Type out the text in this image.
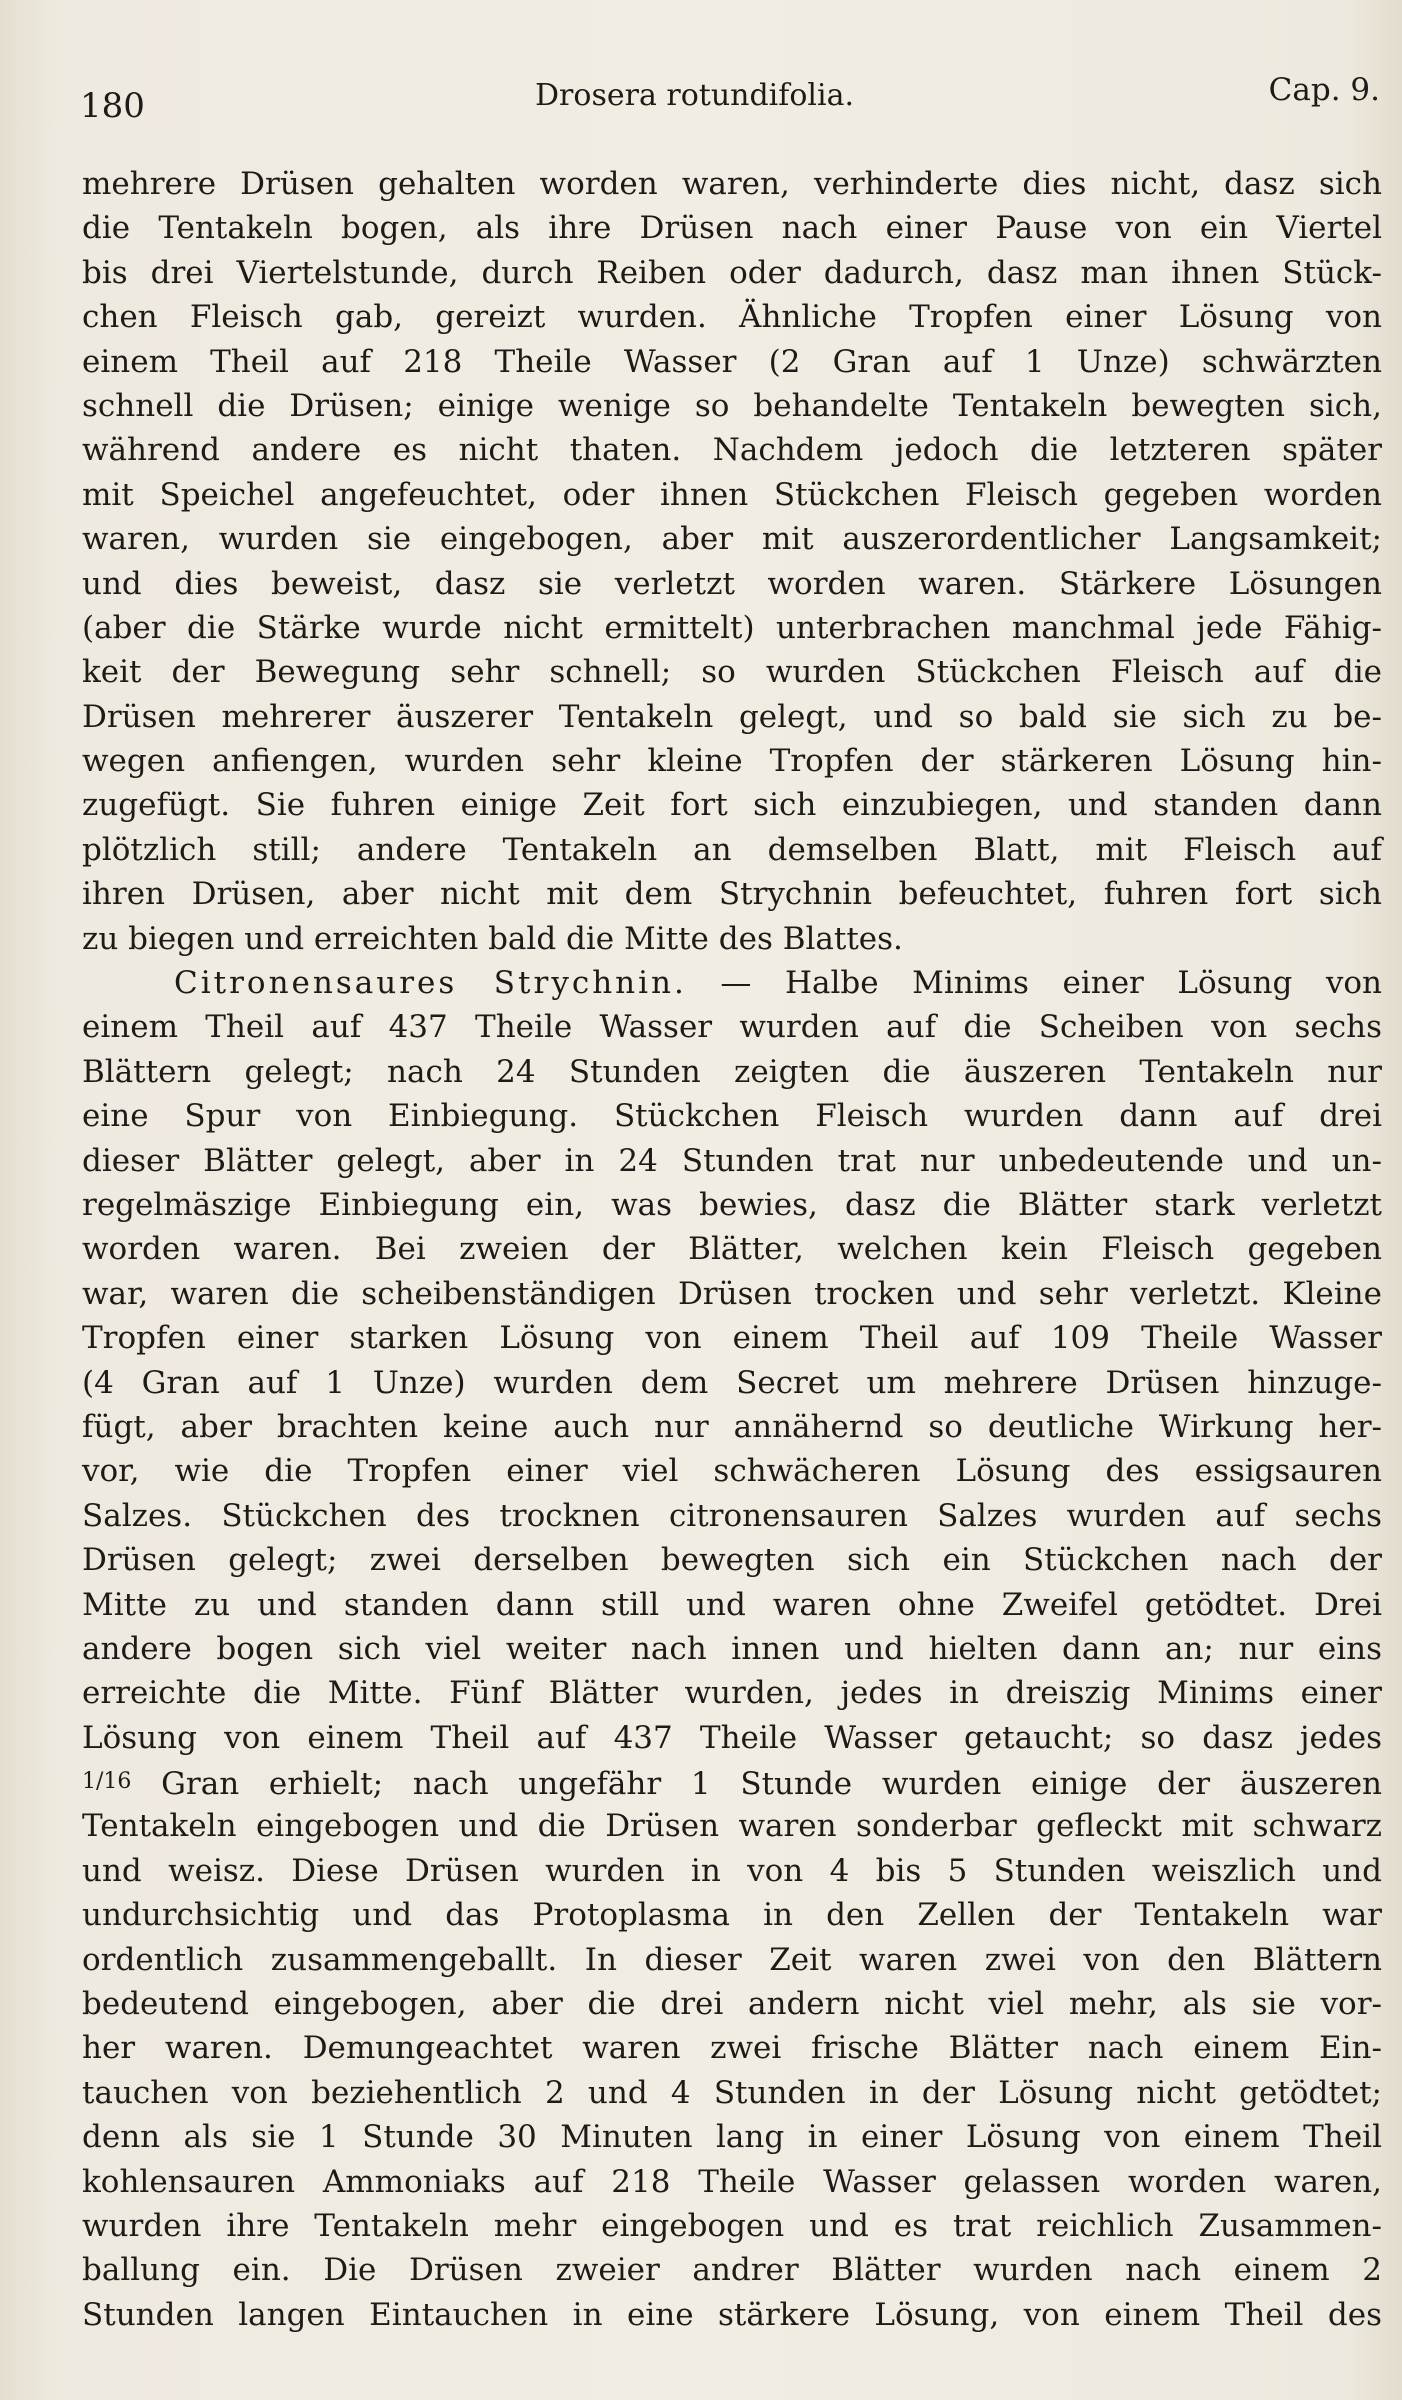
180	Drosera rotundifolia.	Cap. 9.
mehrere Drüsen gehalten worden waren, verhinderte dies nicht, dasz sich
die Tentakeln bogen, als ihre Drüsen nach einer Pause von ein Viertel
bis drei Viertelstunde, durch Reiben oder dadurch, dasz man ihnen Stück-
chen Fleisch gab, gereizt wurden. Ähnliche Tropfen einer Lösung von
einem Theil auf 218 Theile Wasser (2 Gran auf 1 Unze) schwärzten
schnell die Drüsen; einige wenige so behandelte Tentakeln bewegten sich,
während andere es nicht thaten. Nachdem jedoch die letzteren später
mit Speichel angefeuchtet, oder ihnen Stückchen Fleisch gegeben worden
waren, wurden sie eingebogen, aber mit auszerordentlicher Langsamkeit;
und dies beweist, dasz sie verletzt worden waren. Stärkere Lösungen
(aber die Stärke wurde nicht ermittelt) unterbrachen manchmal jede Fähig-
keit der Bewegung sehr schnell; so wurden Stückchen Fleisch auf die
Drüsen mehrerer äuszerer Tentakeln gelegt, und so bald sie sich zu be-
wegen anfiengen, wurden sehr kleine Tropfen der stärkeren Lösung hin-
zugefügt. Sie fuhren einige Zeit fort sich einzubiegen, und standen dann
plötzlich still; andere Tentakeln an demselben Blatt, mit Fleisch auf
ihren Drüsen, aber nicht mit dem Strychnin befeuchtet, fuhren fort sich
zu biegen und erreichten bald die Mitte des Blattes.
Citronensaures Strychnin. — Halbe Minims einer Lösung von
einem Theil auf 437 Theile Wasser wurden auf die Scheiben von sechs
Blättern gelegt; nach 24 Stunden zeigten die äuszeren Tentakeln nur
eine Spur von Einbiegung. Stückchen Fleisch wurden dann auf drei
dieser Blätter gelegt, aber in 24 Stunden trat nur unbedeutende und un-
regelmäszige Einbiegung ein, was bewies, dasz die Blätter stark verletzt
worden waren. Bei zweien der Blätter, welchen kein Fleisch gegeben
war, waren die scheibenständigen Drüsen trocken und sehr verletzt. Kleine
Tropfen einer starken Lösung von einem Theil auf 109 Theile Wasser
(4 Gran auf 1 Unze) wurden dem Secret um mehrere Drüsen hinzuge-
fügt, aber brachten keine auch nur annähernd so deutliche Wirkung her-
vor, wie die Tropfen einer viel schwächeren Lösung des essigsauren
Salzes. Stückchen des trocknen citronensauren Salzes wurden auf sechs
Drüsen gelegt; zwei derselben bewegten sich ein Stückchen nach der
Mitte zu und standen dann still und waren ohne Zweifel getödtet. Drei
andere bogen sich viel weiter nach innen und hielten dann an; nur eins
erreichte die Mitte. Fünf Blätter wurden, jedes in dreiszig Minims einer
Lösung von einem Theil auf 437 Theile Wasser getaucht; so dasz jedes
1/16 Gran erhielt; nach ungefähr 1 Stunde wurden einige der äuszeren
Tentakeln eingebogen und die Drüsen waren sonderbar gefleckt mit schwarz
und weisz. Diese Drüsen wurden in von 4 bis 5 Stunden weiszlich und
undurchsichtig und das Protoplasma in den Zellen der Tentakeln war
ordentlich zusammengeballt. In dieser Zeit waren zwei von den Blättern
bedeutend eingebogen, aber die drei andern nicht viel mehr, als sie vor-
her waren. Demungeachtet waren zwei frische Blätter nach einem Ein-
tauchen von beziehentlich 2 und 4 Stunden in der Lösung nicht getödtet;
denn als sie 1 Stunde 30 Minuten lang in einer Lösung von einem Theil
kohlensauren Ammoniaks auf 218 Theile Wasser gelassen worden waren,
wurden ihre Tentakeln mehr eingebogen und es trat reichlich Zusammen-
ballung ein. Die Drüsen zweier andrer Blätter wurden nach einem 2
Stunden langen Eintauchen in eine stärkere Lösung, von einem Theil des
